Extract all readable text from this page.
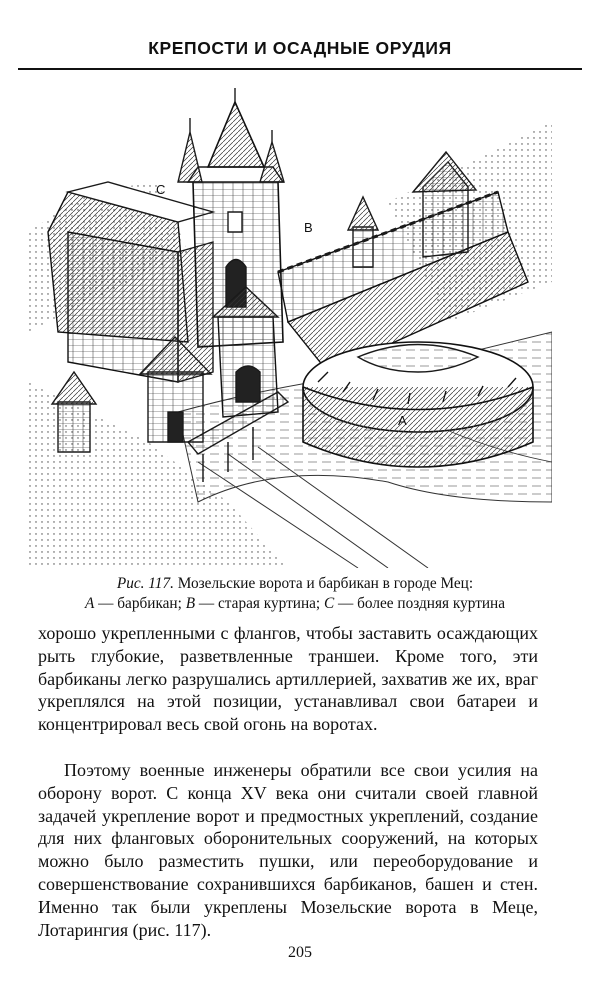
КРЕПОСТИ И ОСАДНЫЕ ОРУДИЯ
C
B
A
Рис. 117. Мозельские ворота и барбикан в городе Мец:
А — барбикан; В — старая куртина; С — более поздняя куртина
хорошо укрепленными с флангов, чтобы заставить осаждающих рыть глубокие, разветвленные траншеи. Кроме того, эти барбиканы легко разрушались артиллерией, захватив же их, враг укреплялся на этой позиции, устанавливал свои батареи и концентрировал весь свой огонь на воротах.
Поэтому военные инженеры обратили все свои усилия на оборону ворот. С конца XV века они считали своей главной задачей укрепление ворот и предмостных укреплений, создание для них фланговых оборонительных сооружений, на которых можно было разместить пушки, или переоборудование и совершенствование сохранившихся барбиканов, башен и стен. Именно так были укреплены Мозельские ворота в Меце, Лотарингия (рис. 117).
205
